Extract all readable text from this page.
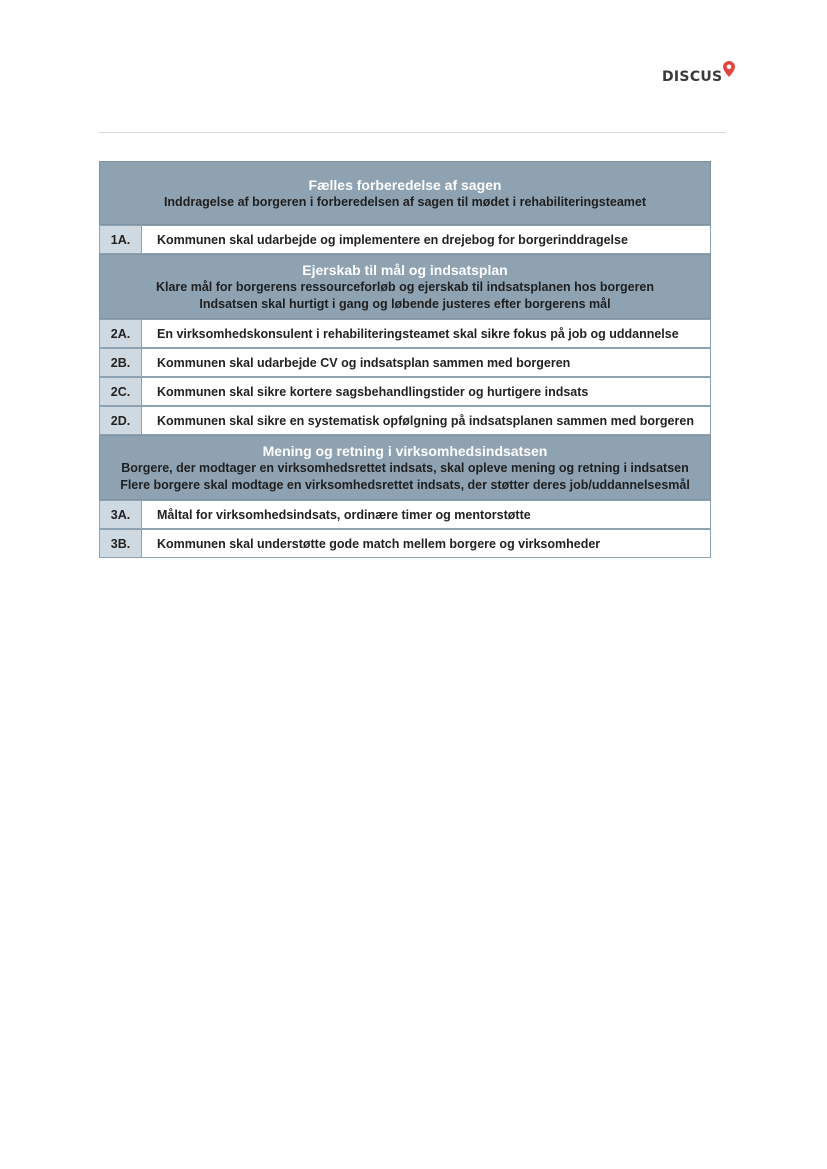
DISCUS
Fælles forberedelse af sagen
Inddragelse af borgeren i forberedelsen af sagen til mødet i rehabiliteringsteamet
1A.	Kommunen skal udarbejde og implementere en drejebog for borgerinddragelse
Ejerskab til mål og indsatsplan
Klare mål for borgerens ressourceforløb og ejerskab til indsatsplanen hos borgeren
Indsatsen skal hurtigt i gang og løbende justeres efter borgerens mål
2A.	En virksomhedskonsulent i rehabiliteringsteamet skal sikre fokus på job og uddannelse
2B.	Kommunen skal udarbejde CV og indsatsplan sammen med borgeren
2C.	Kommunen skal sikre kortere sagsbehandlingstider og hurtigere indsats
2D.	Kommunen skal sikre en systematisk opfølgning på indsatsplanen sammen med borgeren
Mening og retning i virksomhedsindsatsen
Borgere, der modtager en virksomhedsrettet indsats, skal opleve mening og retning i indsatsen
Flere borgere skal modtage en virksomhedsrettet indsats, der støtter deres job/uddannelsesmål
3A.	Måltal for virksomhedsindsats, ordinære timer og mentorstøtte
3B.	Kommunen skal understøtte gode match mellem borgere og virksomheder
